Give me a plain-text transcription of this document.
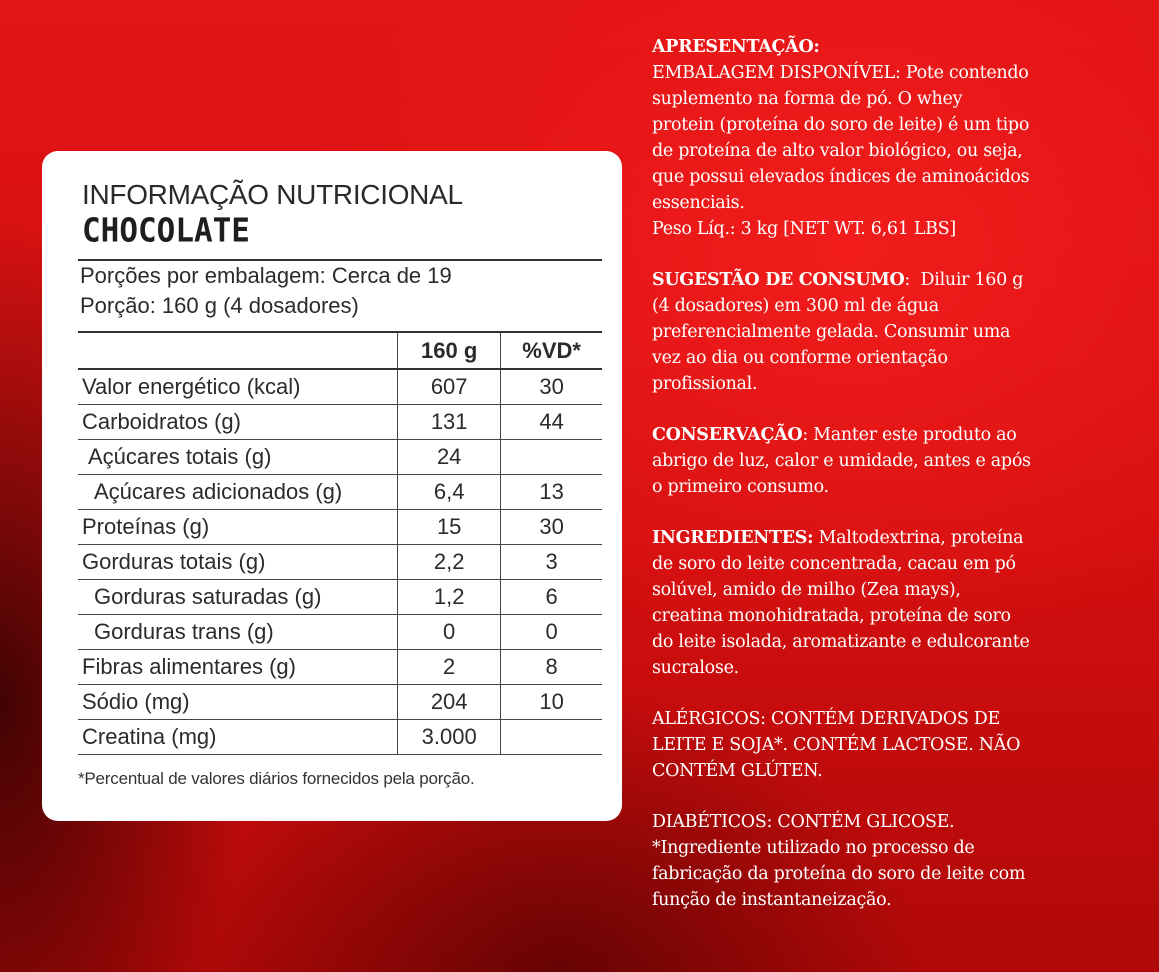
INFORMAÇÃO NUTRICIONAL
CHOCOLATE
Porções por embalagem: Cerca de 19
Porção: 160 g (4 dosadores)
	160 g	%VD*
Valor energético (kcal)	607	30
Carboidratos (g)	131	44
Açúcares totais (g)	24	
Açúcares adicionados (g)	6,4	13
Proteínas (g)	15	30
Gorduras totais (g)	2,2	3
Gorduras saturadas (g)	1,2	6
Gorduras trans (g)	0	0
Fibras alimentares (g)	2	8
Sódio (mg)	204	10
Creatina (mg)	3.000	
*Percentual de valores diários fornecidos pela porção.

APRESENTAÇÃO:
EMBALAGEM DISPONÍVEL: Pote contendo
suplemento na forma de pó. O whey
protein (proteína do soro de leite) é um tipo
de proteína de alto valor biológico, ou seja,
que possui elevados índices de aminoácidos
essenciais.
Peso Líq.: 3 kg [NET WT. 6,61 LBS]

SUGESTÃO DE CONSUMO:  Diluir 160 g
(4 dosadores) em 300 ml de água
preferencialmente gelada. Consumir uma
vez ao dia ou conforme orientação
profissional.

CONSERVAÇÃO: Manter este produto ao
abrigo de luz, calor e umidade, antes e após
o primeiro consumo.

INGREDIENTES: Maltodextrina, proteína
de soro do leite concentrada, cacau em pó
solúvel, amido de milho (Zea mays),
creatina monohidratada, proteína de soro
do leite isolada, aromatizante e edulcorante
sucralose.

ALÉRGICOS: CONTÉM DERIVADOS DE
LEITE E SOJA*. CONTÉM LACTOSE. NÃO
CONTÉM GLÚTEN.

DIABÉTICOS: CONTÉM GLICOSE.
*Ingrediente utilizado no processo de
fabricação da proteína do soro de leite com
função de instantaneização.
